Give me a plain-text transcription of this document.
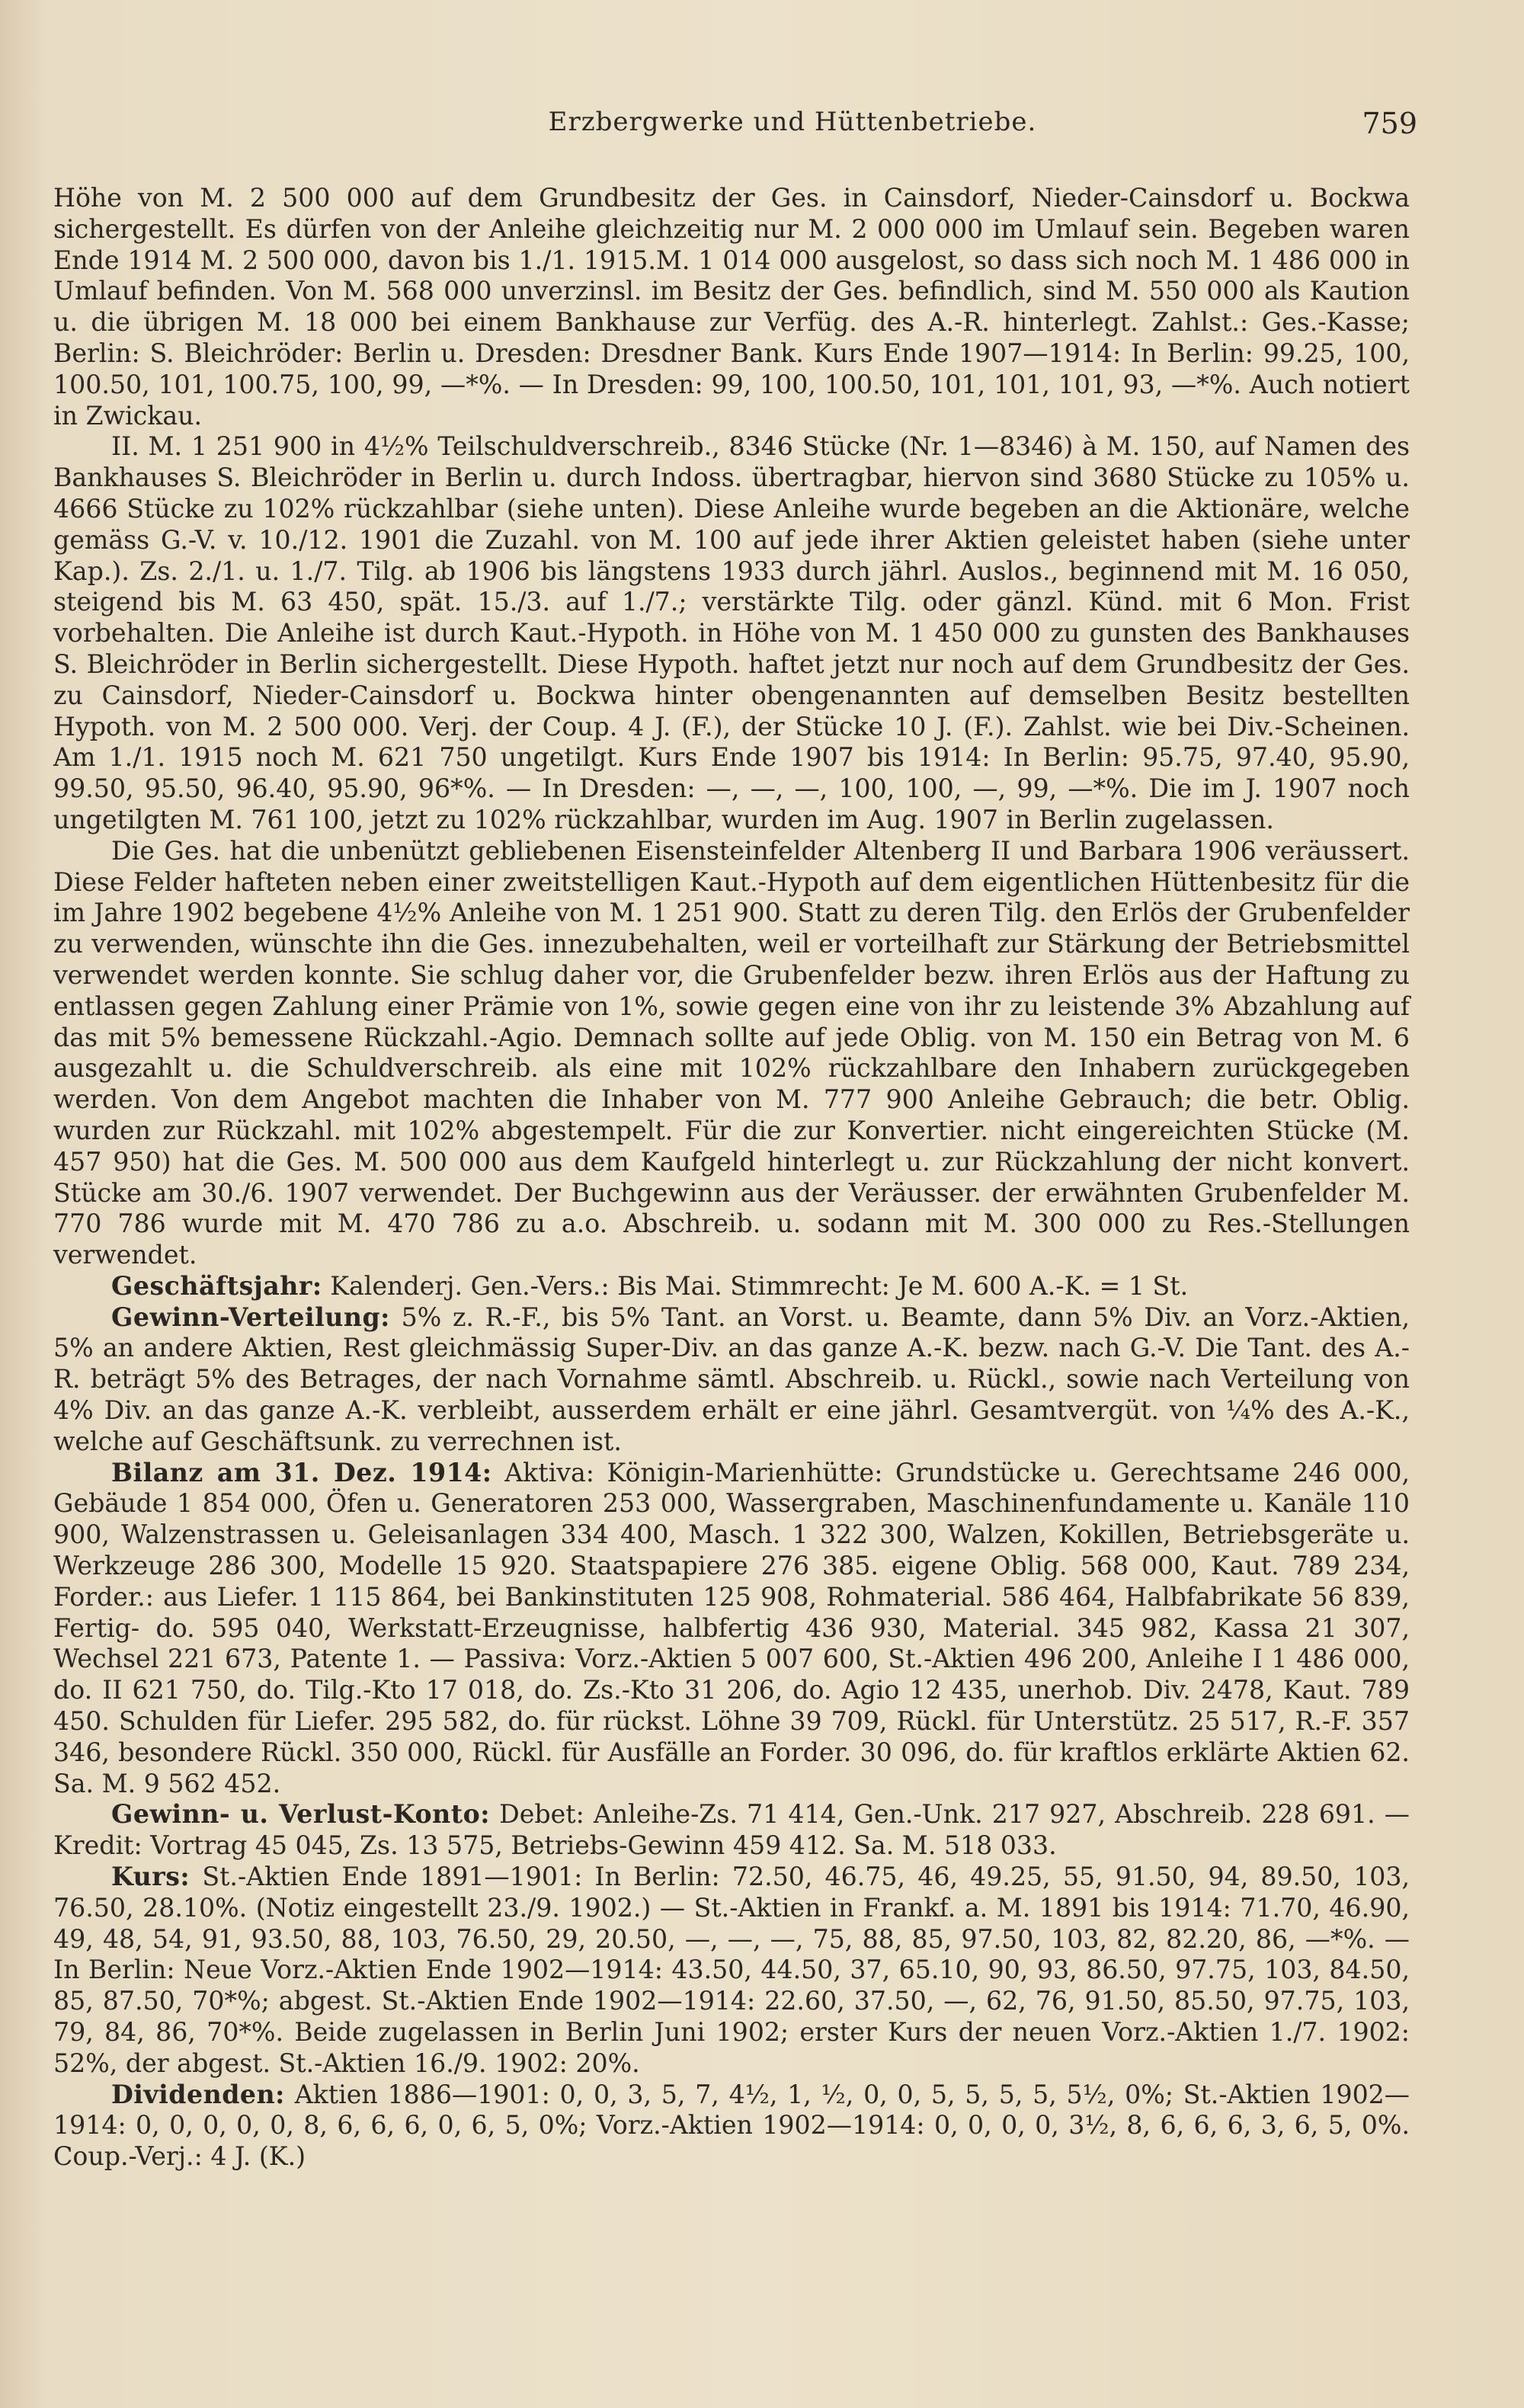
Erzbergwerke und Hüttenbetriebe.	759

Höhe von M. 2 500 000 auf dem Grundbesitz der Ges. in Cainsdorf, Nieder-Cainsdorf u. Bockwa sichergestellt. Es dürfen von der Anleihe gleichzeitig nur M. 2 000 000 im Umlauf sein. Begeben waren Ende 1914 M. 2 500 000, davon bis 1./1. 1915.M. 1 014 000 ausgelost, so dass sich noch M. 1 486 000 in Umlauf befinden. Von M. 568 000 unverzinsl. im Besitz der Ges. befindlich, sind M. 550 000 als Kaution u. die übrigen M. 18 000 bei einem Bankhause zur Verfüg. des A.-R. hinterlegt. Zahlst.: Ges.-Kasse; Berlin: S. Bleichröder: Berlin u. Dresden: Dresdner Bank. Kurs Ende 1907—1914: In Berlin: 99.25, 100, 100.50, 101, 100.75, 100, 99, —*%. — In Dresden: 99, 100, 100.50, 101, 101, 101, 93, —*%. Auch notiert in Zwickau.

II. M. 1 251 900 in 4½% Teilschuldverschreib., 8346 Stücke (Nr. 1—8346) à M. 150, auf Namen des Bankhauses S. Bleichröder in Berlin u. durch Indoss. übertragbar, hiervon sind 3680 Stücke zu 105% u. 4666 Stücke zu 102% rückzahlbar (siehe unten). Diese Anleihe wurde begeben an die Aktionäre, welche gemäss G.-V. v. 10./12. 1901 die Zuzahl. von M. 100 auf jede ihrer Aktien geleistet haben (siehe unter Kap.). Zs. 2./1. u. 1./7. Tilg. ab 1906 bis längstens 1933 durch jährl. Auslos., beginnend mit M. 16 050, steigend bis M. 63 450, spät. 15./3. auf 1./7.; verstärkte Tilg. oder gänzl. Künd. mit 6 Mon. Frist vorbehalten. Die Anleihe ist durch Kaut.-Hypoth. in Höhe von M. 1 450 000 zu gunsten des Bankhauses S. Bleichröder in Berlin sichergestellt. Diese Hypoth. haftet jetzt nur noch auf dem Grundbesitz der Ges. zu Cainsdorf, Nieder-Cainsdorf u. Bockwa hinter obengenannten auf demselben Besitz bestellten Hypoth. von M. 2 500 000. Verj. der Coup. 4 J. (F.), der Stücke 10 J. (F.). Zahlst. wie bei Div.-Scheinen. Am 1./1. 1915 noch M. 621 750 ungetilgt. Kurs Ende 1907 bis 1914: In Berlin: 95.75, 97.40, 95.90, 99.50, 95.50, 96.40, 95.90, 96*%. — In Dresden: —, —, —, 100, 100, —, 99, —*%. Die im J. 1907 noch ungetilgten M. 761 100, jetzt zu 102% rückzahlbar, wurden im Aug. 1907 in Berlin zugelassen.

Die Ges. hat die unbenützt gebliebenen Eisensteinfelder Altenberg II und Barbara 1906 veräussert. Diese Felder hafteten neben einer zweitstelligen Kaut.-Hypoth auf dem eigentlichen Hüttenbesitz für die im Jahre 1902 begebene 4½% Anleihe von M. 1 251 900. Statt zu deren Tilg. den Erlös der Grubenfelder zu verwenden, wünschte ihn die Ges. innezubehalten, weil er vorteilhaft zur Stärkung der Betriebsmittel verwendet werden konnte. Sie schlug daher vor, die Grubenfelder bezw. ihren Erlös aus der Haftung zu entlassen gegen Zahlung einer Prämie von 1%, sowie gegen eine von ihr zu leistende 3% Abzahlung auf das mit 5% bemessene Rückzahl.-Agio. Demnach sollte auf jede Oblig. von M. 150 ein Betrag von M. 6 ausgezahlt u. die Schuldverschreib. als eine mit 102% rückzahlbare den Inhabern zurückgegeben werden. Von dem Angebot machten die Inhaber von M. 777 900 Anleihe Gebrauch; die betr. Oblig. wurden zur Rückzahl. mit 102% abgestempelt. Für die zur Konvertier. nicht eingereichten Stücke (M. 457 950) hat die Ges. M. 500 000 aus dem Kaufgeld hinterlegt u. zur Rückzahlung der nicht konvert. Stücke am 30./6. 1907 verwendet. Der Buchgewinn aus der Veräusser. der erwähnten Grubenfelder M. 770 786 wurde mit M. 470 786 zu a.o. Abschreib. u. sodann mit M. 300 000 zu Res.-Stellungen verwendet.

Geschäftsjahr: Kalenderj. Gen.-Vers.: Bis Mai. Stimmrecht: Je M. 600 A.-K. = 1 St.

Gewinn-Verteilung: 5% z. R.-F., bis 5% Tant. an Vorst. u. Beamte, dann 5% Div. an Vorz.-Aktien, 5% an andere Aktien, Rest gleichmässig Super-Div. an das ganze A.-K. bezw. nach G.-V. Die Tant. des A.-R. beträgt 5% des Betrages, der nach Vornahme sämtl. Abschreib. u. Rückl., sowie nach Verteilung von 4% Div. an das ganze A.-K. verbleibt, ausserdem erhält er eine jährl. Gesamtvergüt. von ¼% des A.-K., welche auf Geschäftsunk. zu verrechnen ist.

Bilanz am 31. Dez. 1914: Aktiva: Königin-Marienhütte: Grundstücke u. Gerechtsame 246 000, Gebäude 1 854 000, Öfen u. Generatoren 253 000, Wassergraben, Maschinenfundamente u. Kanäle 110 900, Walzenstrassen u. Geleisanlagen 334 400, Masch. 1 322 300, Walzen, Kokillen, Betriebsgeräte u. Werkzeuge 286 300, Modelle 15 920. Staatspapiere 276 385. eigene Oblig. 568 000, Kaut. 789 234, Forder.: aus Liefer. 1 115 864, bei Bankinstituten 125 908, Rohmaterial. 586 464, Halbfabrikate 56 839, Fertig- do. 595 040, Werkstatt-Erzeugnisse, halbfertig 436 930, Material. 345 982, Kassa 21 307, Wechsel 221 673, Patente 1. — Passiva: Vorz.-Aktien 5 007 600, St.-Aktien 496 200, Anleihe I 1 486 000, do. II 621 750, do. Tilg.-Kto 17 018, do. Zs.-Kto 31 206, do. Agio 12 435, unerhob. Div. 2478, Kaut. 789 450. Schulden für Liefer. 295 582, do. für rückst. Löhne 39 709, Rückl. für Unterstütz. 25 517, R.-F. 357 346, besondere Rückl. 350 000, Rückl. für Ausfälle an Forder. 30 096, do. für kraftlos erklärte Aktien 62. Sa. M. 9 562 452.

Gewinn- u. Verlust-Konto: Debet: Anleihe-Zs. 71 414, Gen.-Unk. 217 927, Abschreib. 228 691. — Kredit: Vortrag 45 045, Zs. 13 575, Betriebs-Gewinn 459 412. Sa. M. 518 033.

Kurs: St.-Aktien Ende 1891—1901: In Berlin: 72.50, 46.75, 46, 49.25, 55, 91.50, 94, 89.50, 103, 76.50, 28.10%. (Notiz eingestellt 23./9. 1902.) — St.-Aktien in Frankf. a. M. 1891 bis 1914: 71.70, 46.90, 49, 48, 54, 91, 93.50, 88, 103, 76.50, 29, 20.50, —, —, —, 75, 88, 85, 97.50, 103, 82, 82.20, 86, —*%. — In Berlin: Neue Vorz.-Aktien Ende 1902—1914: 43.50, 44.50, 37, 65.10, 90, 93, 86.50, 97.75, 103, 84.50, 85, 87.50, 70*%; abgest. St.-Aktien Ende 1902—1914: 22.60, 37.50, —, 62, 76, 91.50, 85.50, 97.75, 103, 79, 84, 86, 70*%. Beide zugelassen in Berlin Juni 1902; erster Kurs der neuen Vorz.-Aktien 1./7. 1902: 52%, der abgest. St.-Aktien 16./9. 1902: 20%.

Dividenden: Aktien 1886—1901: 0, 0, 3, 5, 7, 4½, 1, ½, 0, 0, 5, 5, 5, 5, 5½, 0%; St.-Aktien 1902—1914: 0, 0, 0, 0, 0, 8, 6, 6, 6, 0, 6, 5, 0%; Vorz.-Aktien 1902—1914: 0, 0, 0, 0, 3½, 8, 6, 6, 6, 3, 6, 5, 0%. Coup.-Verj.: 4 J. (K.)
